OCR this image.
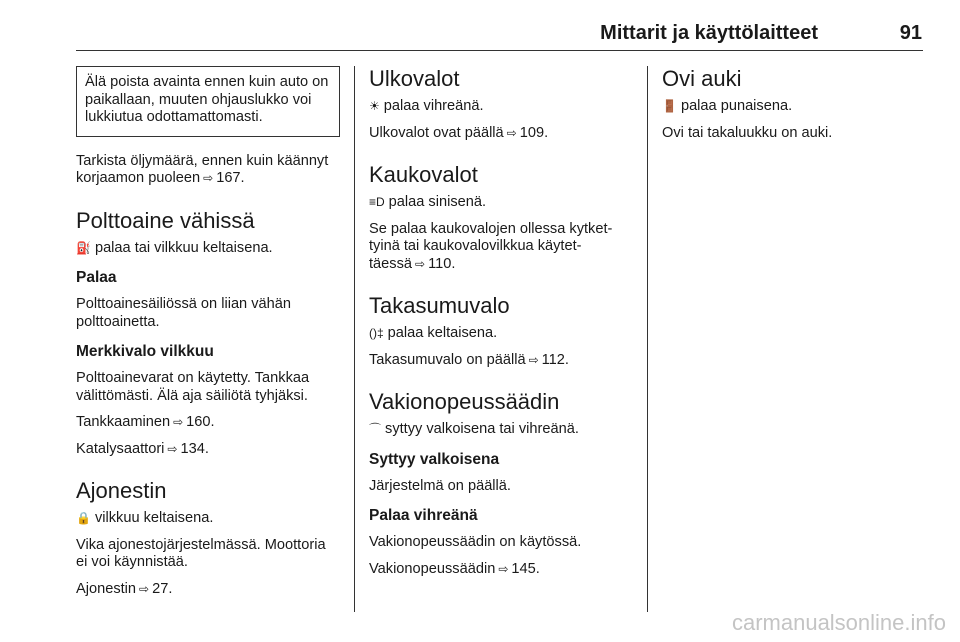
Mittarit ja käyttölaitteet	91

Älä poista avainta ennen kuin auto on paikallaan, muuten ohjauslukko voi lukkiutua odottamattomasti.

Tarkista öljymäärä, ennen kuin käännyt korjaamon puoleen ⇨ 167.

Polttoaine vähissä

⛽ palaa tai vilkkuu keltaisena.

Palaa

Polttoainesäiliössä on liian vähän polttoainetta.

Merkkivalo vilkkuu

Polttoainevarat on käytetty. Tankkaa välittömästi. Älä aja säiliötä tyhjäksi.

Tankkaaminen ⇨ 160.

Katalysaattori ⇨ 134.

Ajonestin

🔒 vilkkuu keltaisena.

Vika ajonestojärjestelmässä. Moottoria ei voi käynnistää.

Ajonestin ⇨ 27.

Ulkovalot

☀ palaa vihreänä.

Ulkovalot ovat päällä ⇨ 109.

Kaukovalot

≡D palaa sinisenä.

Se palaa kaukovalojen ollessa kytkettyinä tai kaukovalovilkkua käytettäessä ⇨ 110.

Takasumuvalo

()‡ palaa keltaisena.

Takasumuvalo on päällä ⇨ 112.

Vakionopeussäädin

⌒ syttyy valkoisena tai vihreänä.

Syttyy valkoisena

Järjestelmä on päällä.

Palaa vihreänä

Vakionopeussäädin on käytössä.

Vakionopeussäädin ⇨ 145.

Ovi auki

🚪 palaa punaisena.

Ovi tai takaluukku on auki.

carmanualsonline.info
